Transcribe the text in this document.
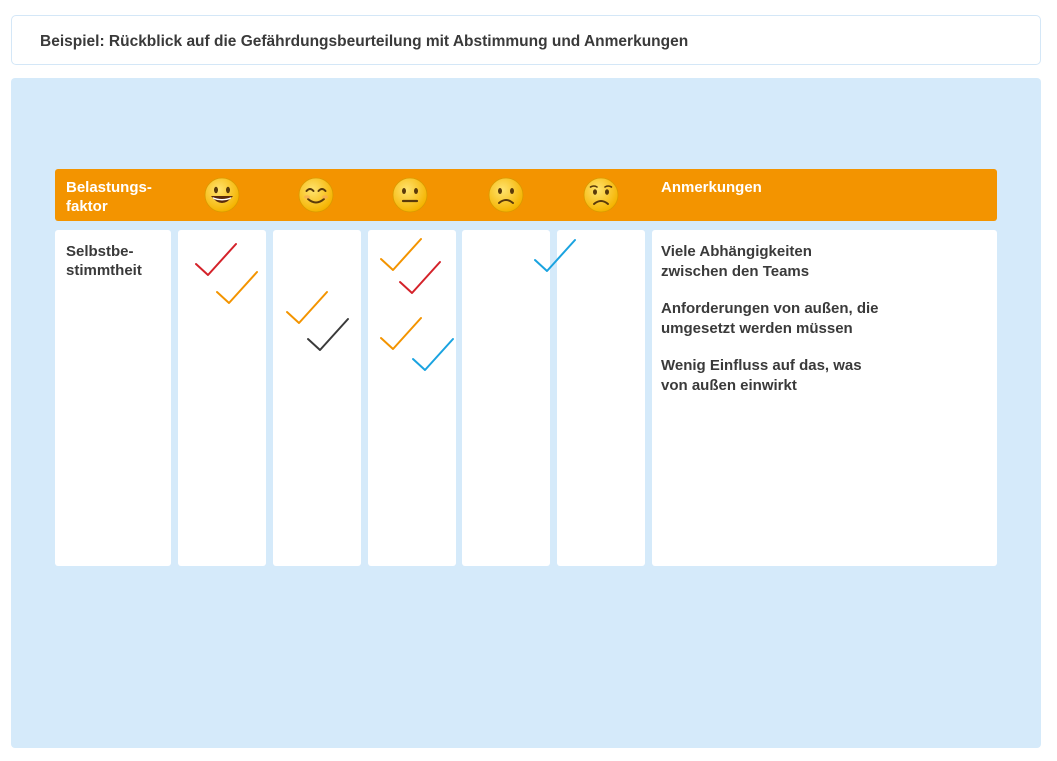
Beispiel: Rückblick auf die Gefährdungsbeurteilung mit Abstimmung und Anmerkungen
Belastungs-
faktor
Anmerkungen
Selbstbe-
stimmtheit
Viele Abhängigkeiten
zwischen den Teams
Anforderungen von außen, die
umgesetzt werden müssen
Wenig Einfluss auf das, was
von außen einwirkt
